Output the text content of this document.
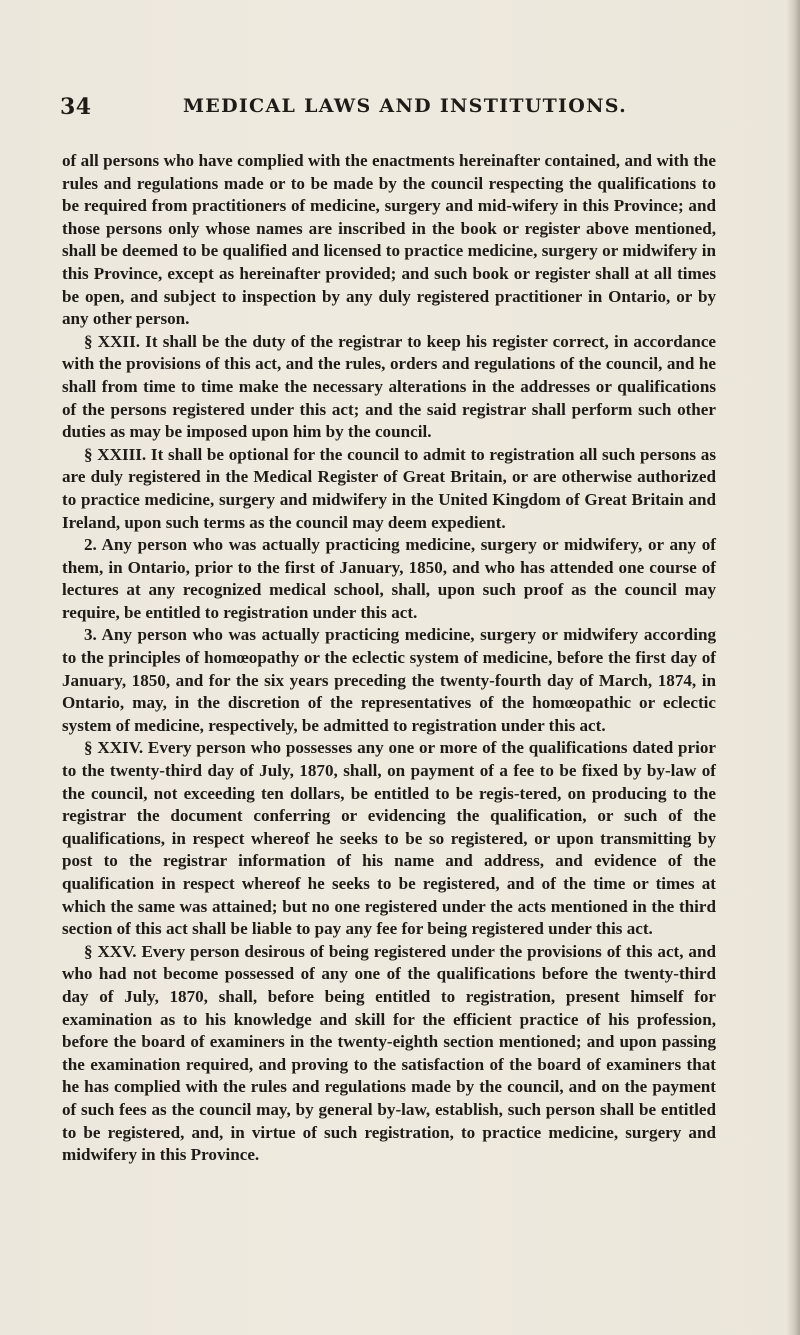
34	MEDICAL LAWS AND INSTITUTIONS.

of all persons who have complied with the enactments hereinafter contained, and with the rules and regulations made or to be made by the council respecting the qualifications to be required from practitioners of medicine, surgery and mid-wifery in this Province; and those persons only whose names are inscribed in the book or register above mentioned, shall be deemed to be qualified and licensed to practice medicine, surgery or midwifery in this Province, except as hereinafter provided; and such book or register shall at all times be open, and subject to inspection by any duly registered practitioner in Ontario, or by any other person.

§ XXII. It shall be the duty of the registrar to keep his register correct, in accordance with the provisions of this act, and the rules, orders and regulations of the council, and he shall from time to time make the necessary alterations in the addresses or qualifications of the persons registered under this act; and the said registrar shall perform such other duties as may be imposed upon him by the council.

§ XXIII. It shall be optional for the council to admit to registration all such persons as are duly registered in the Medical Register of Great Britain, or are otherwise authorized to practice medicine, surgery and midwifery in the United Kingdom of Great Britain and Ireland, upon such terms as the council may deem expedient.

2. Any person who was actually practicing medicine, surgery or midwifery, or any of them, in Ontario, prior to the first of January, 1850, and who has attended one course of lectures at any recognized medical school, shall, upon such proof as the council may require, be entitled to registration under this act.

3. Any person who was actually practicing medicine, surgery or midwifery according to the principles of homœopathy or the eclectic system of medicine, before the first day of January, 1850, and for the six years preceding the twenty-fourth day of March, 1874, in Ontario, may, in the discretion of the representatives of the homœopathic or eclectic system of medicine, respectively, be admitted to registration under this act.

§ XXIV. Every person who possesses any one or more of the qualifications dated prior to the twenty-third day of July, 1870, shall, on payment of a fee to be fixed by by-law of the council, not exceeding ten dollars, be entitled to be regis-tered, on producing to the registrar the document conferring or evidencing the qualification, or such of the qualifications, in respect whereof he seeks to be so registered, or upon transmitting by post to the registrar information of his name and address, and evidence of the qualification in respect whereof he seeks to be registered, and of the time or times at which the same was attained; but no one registered under the acts mentioned in the third section of this act shall be liable to pay any fee for being registered under this act.

§ XXV. Every person desirous of being registered under the provisions of this act, and who had not become possessed of any one of the qualifications before the twenty-third day of July, 1870, shall, before being entitled to registration, present himself for examination as to his knowledge and skill for the efficient practice of his profession, before the board of examiners in the twenty-eighth section mentioned; and upon passing the examination required, and proving to the satisfaction of the board of examiners that he has complied with the rules and regulations made by the council, and on the payment of such fees as the council may, by general by-law, establish, such person shall be entitled to be registered, and, in virtue of such registration, to practice medicine, surgery and midwifery in this Province.
